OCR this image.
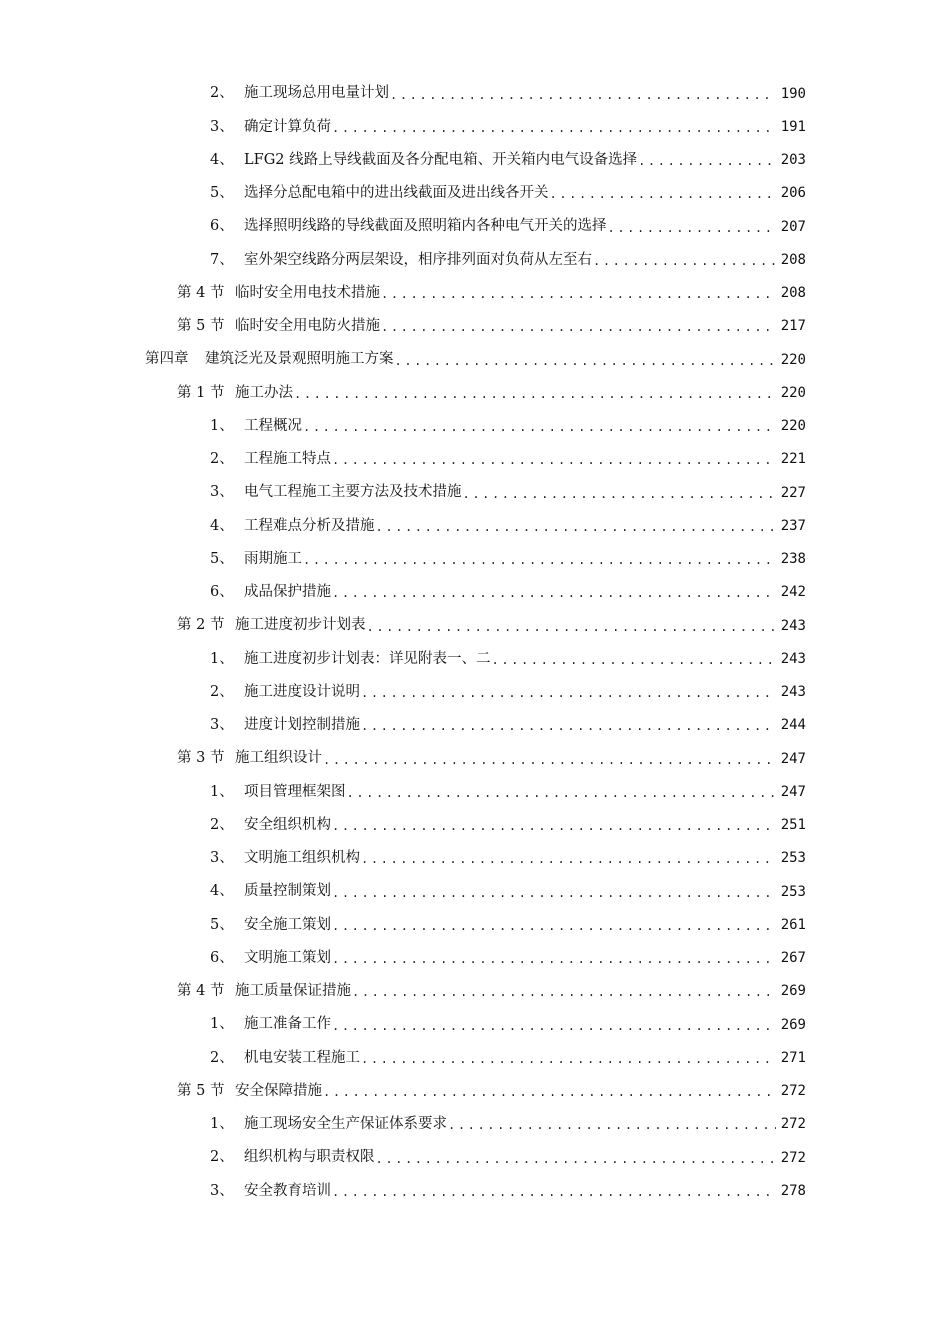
2、 施工现场总用电量计划 .....	190
3、 确定计算负荷 .....	191
4、 LFG2 线路上导线截面及各分配电箱、开关箱内电气设备选择 .....	203
5、 选择分总配电箱中的进出线截面及进出线各开关 .....	206
6、 选择照明线路的导线截面及照明箱内各种电气开关的选择 .....	207
7、 室外架空线路分两层架设，相序排列面对负荷从左至右 .....	208
第 4 节 临时安全用电技术措施 .....	208
第 5 节 临时安全用电防火措施 .....	217
第四章	建筑泛光及景观照明施工方案 .....	220
第 1 节 施工办法 .....	220
1、 工程概况 .....	220
2、 工程施工特点 .....	221
3、 电气工程施工主要方法及技术措施 .....	227
4、 工程难点分析及措施 .....	237
5、 雨期施工 .....	238
6、 成品保护措施 .....	242
第 2 节 施工进度初步计划表 .....	243
1、 施工进度初步计划表：详见附表一、二 .....	243
2、 施工进度设计说明 .....	243
3、 进度计划控制措施 .....	244
第 3 节 施工组织设计 .....	247
1、 项目管理框架图 .....	247
2、 安全组织机构 .....	251
3、 文明施工组织机构 .....	253
4、 质量控制策划 .....	253
5、 安全施工策划 .....	261
6、 文明施工策划 .....	267
第 4 节 施工质量保证措施 .....	269
1、 施工准备工作 .....	269
2、 机电安装工程施工 .....	271
第 5 节 安全保障措施 .....	272
1、 施工现场安全生产保证体系要求 .....	272
2、 组织机构与职责权限 .....	272
3、 安全教育培训 .....	278
